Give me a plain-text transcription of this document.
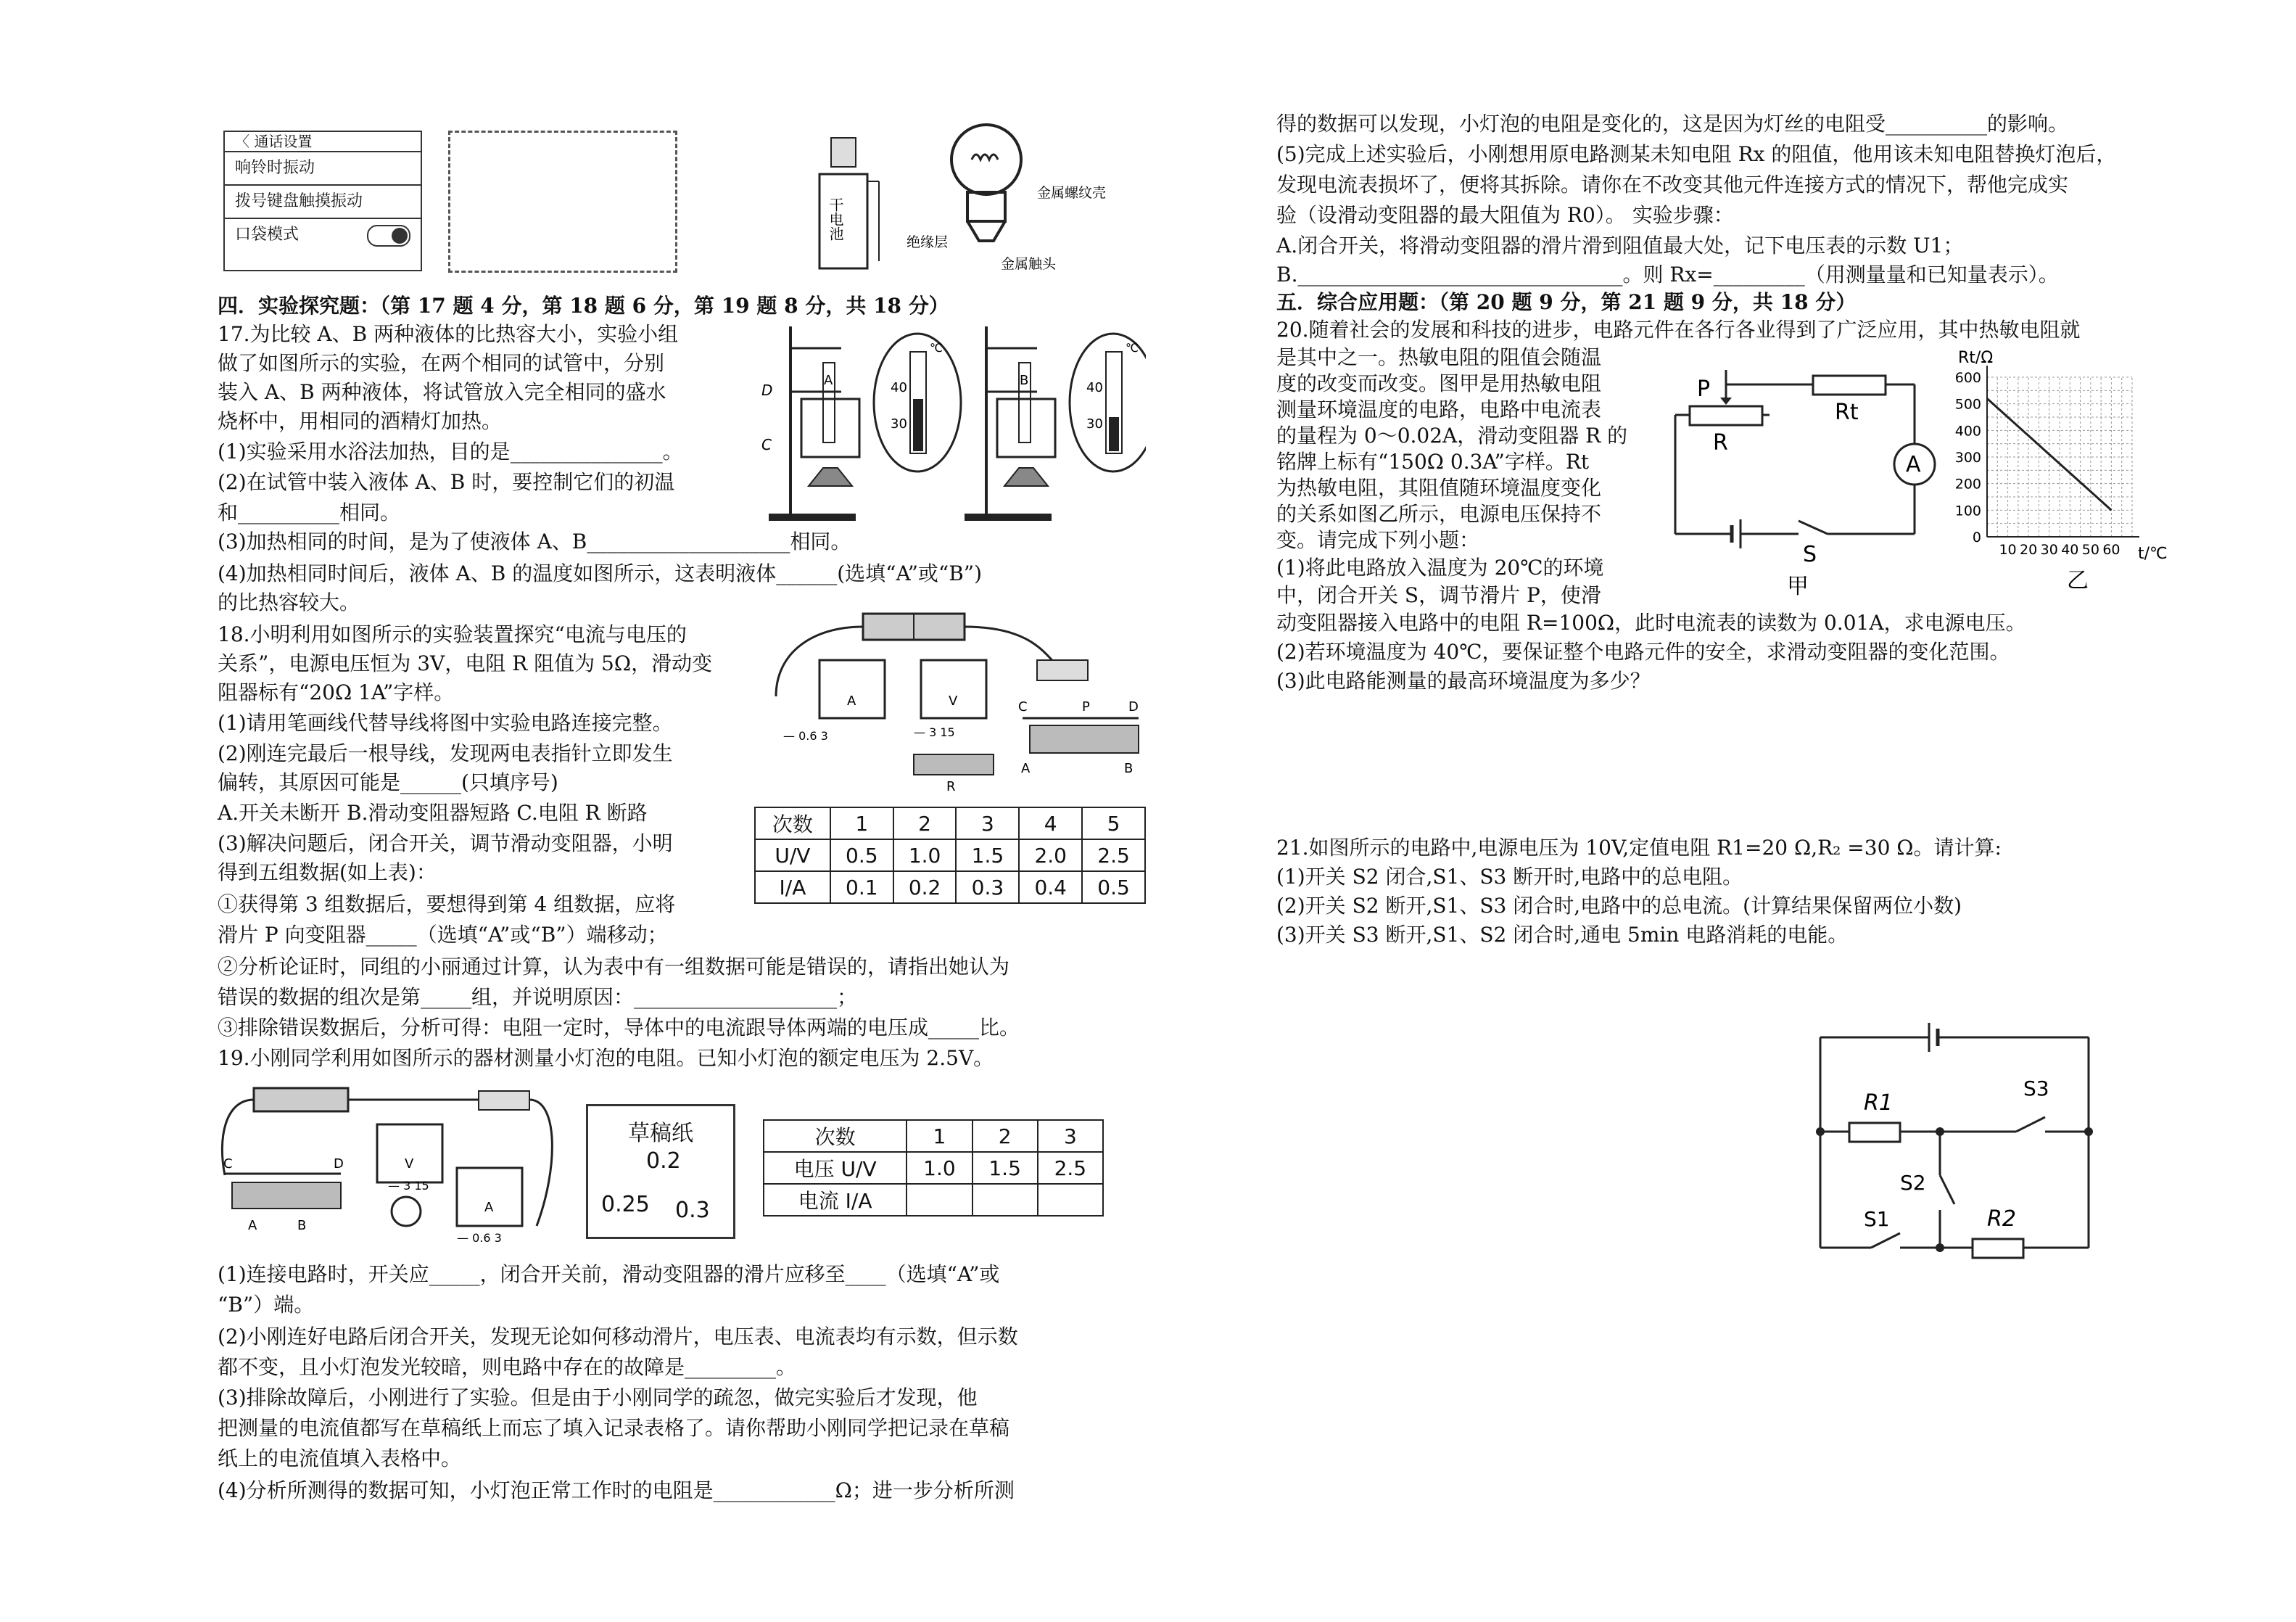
〈 通话设置
响铃时振动
拨号键盘触摸振动
口袋模式	干电池
金属螺纹壳
绝缘层
金属触头
四．实验探究题：（第 17 题 4 分，第 18 题 6 分，第 19 题 8 分，共 18 分）
17.为比较 A、B 两种液体的比热容大小，实验小组
做了如图所示的实验，在两个相同的试管中，分别
装入 A、B 两种液体，将试管放入完全相同的盛水
烧杯中，用相同的酒精灯加热。
(1)实验采用水浴法加热，目的是_______________。
(2)在试管中装入液体 A、B 时，要控制它们的初温
和__________相同。
(3)加热相同的时间，是为了使液体 A、B____________________相同。
(4)加热相同时间后，液体 A、B 的温度如图所示，这表明液体______(选填“A”或“B”)
的比热容较大。
D
C
A
℃
40
30
B
℃
40
30
18.小明利用如图所示的实验装置探究“电流与电压的
关系”，电源电压恒为 3V，电阻 R 阻值为 5Ω，滑动变
阻器标有“20Ω 1A”字样。
(1)请用笔画线代替导线将图中实验电路连接完整。
(2)刚连完最后一根导线，发现两电表指针立即发生
偏转，其原因可能是______(只填序号)
A.开关未断开 B.滑动变阻器短路 C.电阻 R 断路
(3)解决问题后，闭合开关，调节滑动变阻器，小明
得到五组数据(如上表)：
①获得第 3 组数据后，要想得到第 4 组数据，应将
滑片 P 向变阻器_____（选填“A”或“B”）端移动；
②分析论证时，同组的小丽通过计算，认为表中有一组数据可能是错误的，请指出她认为
错误的数据的组次是第_____组，并说明原因：____________________；
③排除错误数据后，分析可得：电阻一定时，导体中的电流跟导体两端的电压成_____比。
19.小刚同学利用如图所示的器材测量小灯泡的电阻。已知小灯泡的额定电压为 2.5V。
A	V
— 0.6 3	— 3 15
R
C	P	D
A	B
次数	1	2	3	4	5
U/V	0.5	1.0	1.5	2.0	2.5
I/A	0.1	0.2	0.3	0.4	0.5
V
A
C	D
A	B
— 3 15
— 0.6 3
草稿纸
0.2
0.25 0.3
次数	1	2	3
电压 U/V	1.0	1.5	2.5
电流 I/A			
(1)连接电路时，开关应_____，闭合开关前，滑动变阻器的滑片应移至____（选填“A”或
“B”）端。
(2)小刚连好电路后闭合开关，发现无论如何移动滑片，电压表、电流表均有示数，但示数
都不变，且小灯泡发光较暗，则电路中存在的故障是_________。
(3)排除故障后，小刚进行了实验。但是由于小刚同学的疏忽，做完实验后才发现，他
把测量的电流值都写在草稿纸上而忘了填入记录表格了。请你帮助小刚同学把记录在草稿
纸上的电流值填入表格中。
(4)分析所测得的数据可知，小灯泡正常工作时的电阻是____________Ω；进一步分析所测
得的数据可以发现，小灯泡的电阻是变化的，这是因为灯丝的电阻受__________的影响。
(5)完成上述实验后，小刚想用原电路测某未知电阻 Rx 的阻值，他用该未知电阻替换灯泡后，
发现电流表损坏了，便将其拆除。请你在不改变其他元件连接方式的情况下，帮他完成实
验（设滑动变阻器的最大阻值为 R0）。 实验步骤：
A.闭合开关，将滑动变阻器的滑片滑到阻值最大处，记下电压表的示数 U1；
B.________________________________。则 Rx=_________（用测量量和已知量表示）。
五．综合应用题：（第 20 题 9 分，第 21 题 9 分，共 18 分）
20.随着社会的发展和科技的进步，电路元件在各行各业得到了广泛应用，其中热敏电阻就
是其中之一。热敏电阻的阻值会随温
度的改变而改变。图甲是用热敏电阻
测量环境温度的电路，电路中电流表
的量程为 0～0.02A，滑动变阻器 R 的
铭牌上标有“150Ω 0.3A”字样。Rt
为热敏电阻，其阻值随环境温度变化
的关系如图乙所示，电源电压保持不
变。请完成下列小题：
(1)将此电路放入温度为 20℃的环境
中，闭合开关 S，调节滑片 P，使滑
动变阻器接入电路中的电阻 R=100Ω，此时电流表的读数为 0.01A，求电源电压。
(2)若环境温度为 40℃，要保证整个电路元件的安全，求滑动变阻器的变化范围。
(3)此电路能测量的最高环境温度为多少？
A
P
R
Rt
S
甲
Rt/Ω
t/℃
乙
600
500
400
300
200
100
0
10 20 30 40 50 60
21.如图所示的电路中,电源电压为 10V,定值电阻 R1=20 Ω,R₂ =30 Ω。请计算:
(1)开关 S2 闭合,S1、S3 断开时,电路中的总电阻。
(2)开关 S2 断开,S1、S3 闭合时,电路中的总电流。(计算结果保留两位小数)
(3)开关 S3 断开,S1、S2 闭合时,通电 5min 电路消耗的电能。
R1
R2
S1
S2
S3
